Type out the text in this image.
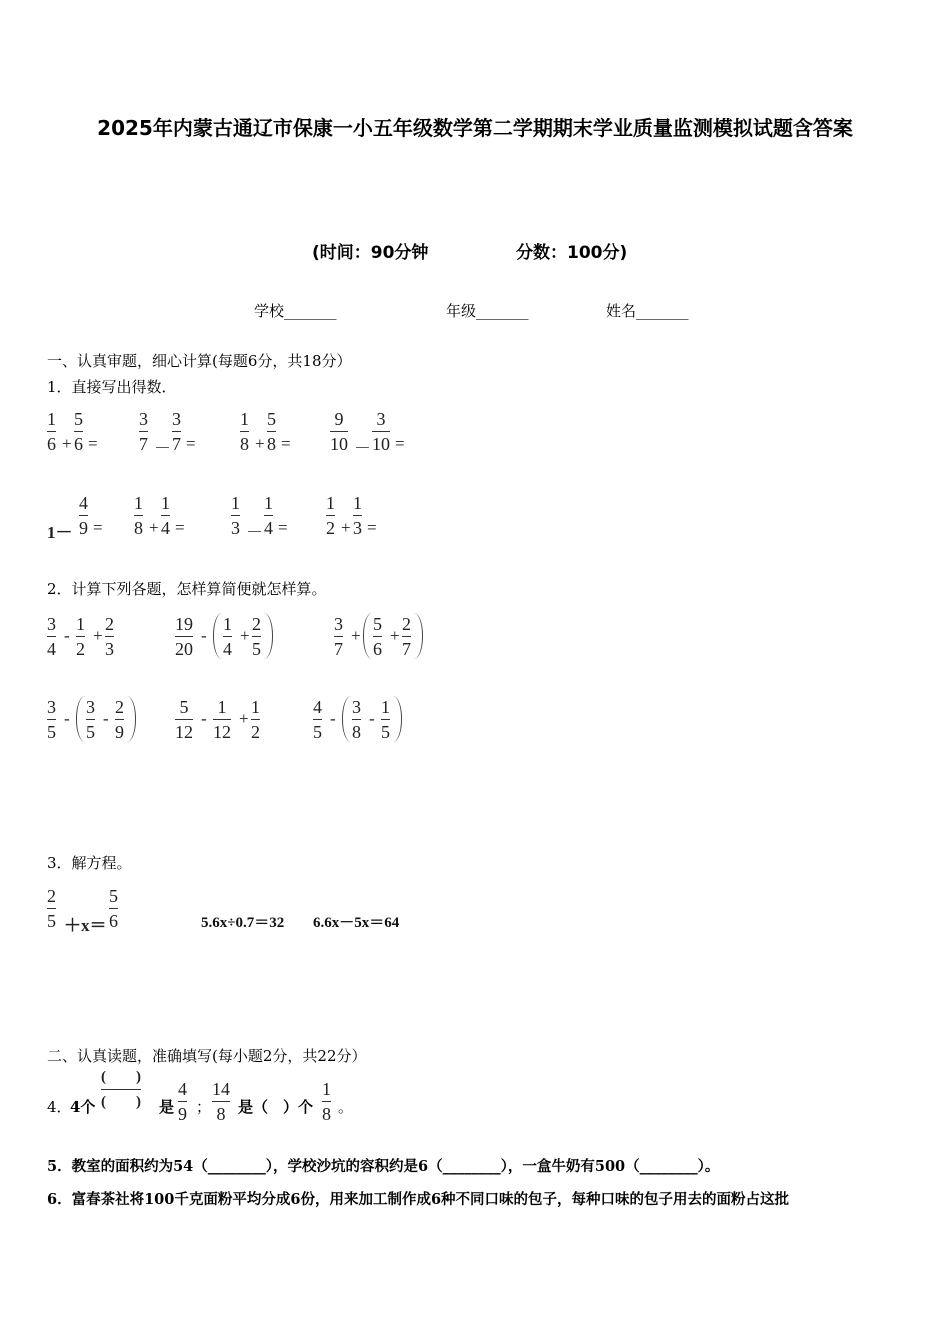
2025年内蒙古通辽市保康一小五年级数学第二学期期末学业质量监测模拟试题含答案
(时间：90分钟	分数：100分)
学校_______	年级_______	姓名_______
一、认真审题，细心计算(每题6分，共18分）
1．直接写出得数．
1
6 +
5
6 =
3
7 －
3
7 =
1
8 +
5
8 =
9
10 －
3
10 =
1－
4
9 =
1
8 +
1
4 =
1
3 －
1
4 =
1
2 +
1
3 =
2．计算下列各题，怎样算简便就怎样算。
3
4
-
1
2
+
2
3
19
20
-
1
4
+
2
5
3
7
+
5
6
+
2
7
3
5
-
3
5
-
2
9
5
12
-
1
12
+
1
2
4
5
-
3
8
-
1
5
3．解方程。
2
5 ＋x＝
5
6	5.6x÷0.7＝32 6.6x－5x＝64
二、认真读题，准确填写(每小题2分，共22分）
4．
4个
(　　)
(　　) 是
4
9 ；
14
8 是（　）个
1
8 。
5．教室的面积约为54（________），学校沙坑的容积约是6（________），一盒牛奶有500（________）。
6．富春茶社将100千克面粉平均分成6份，用来加工制作成6种不同口味的包子，每种口味的包子用去的面粉占这批
